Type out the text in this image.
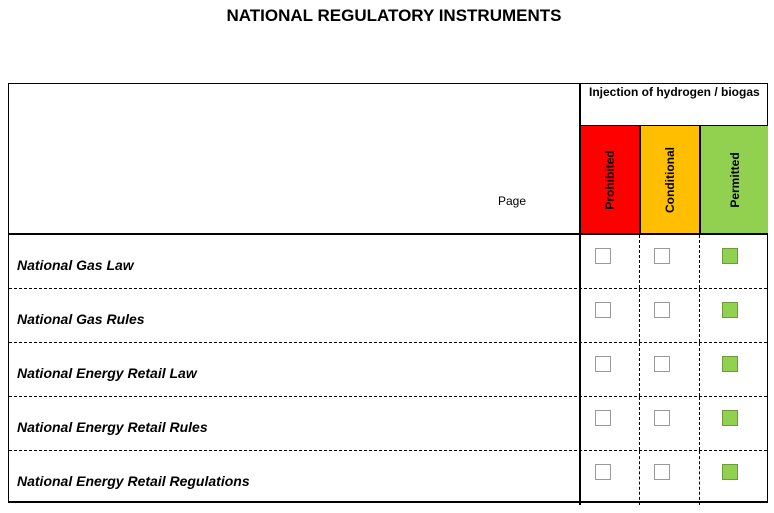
NATIONAL REGULATORY INSTRUMENTS
Page
Injection of hydrogen / biogas
Prohibited	Conditional	Permitted
National Gas Law
National Gas Rules
National Energy Retail Law
National Energy Retail Rules
National Energy Retail Regulations
